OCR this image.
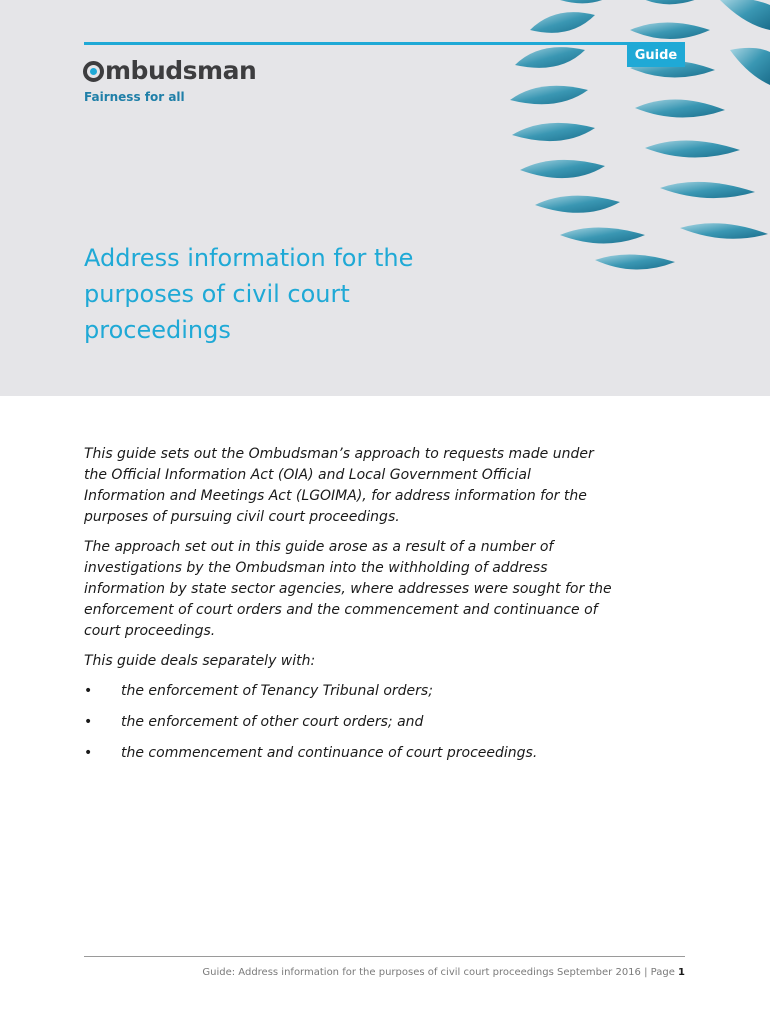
Guide
mbudsman
Fairness for all
Address information for the purposes of civil court proceedings

This guide sets out the Ombudsman’s approach to requests made under the Official Information Act (OIA) and Local Government Official Information and Meetings Act (LGOIMA), for address information for the purposes of pursuing civil court proceedings.

The approach set out in this guide arose as a result of a number of investigations by the Ombudsman into the withholding of address information by state sector agencies, where addresses were sought for the enforcement of court orders and the commencement and continuance of court proceedings.

This guide deals separately with:

• the enforcement of Tenancy Tribunal orders;
• the enforcement of other court orders; and
• the commencement and continuance of court proceedings.
Guide: Address information for the purposes of civil court proceedings September 2016 | Page 1
